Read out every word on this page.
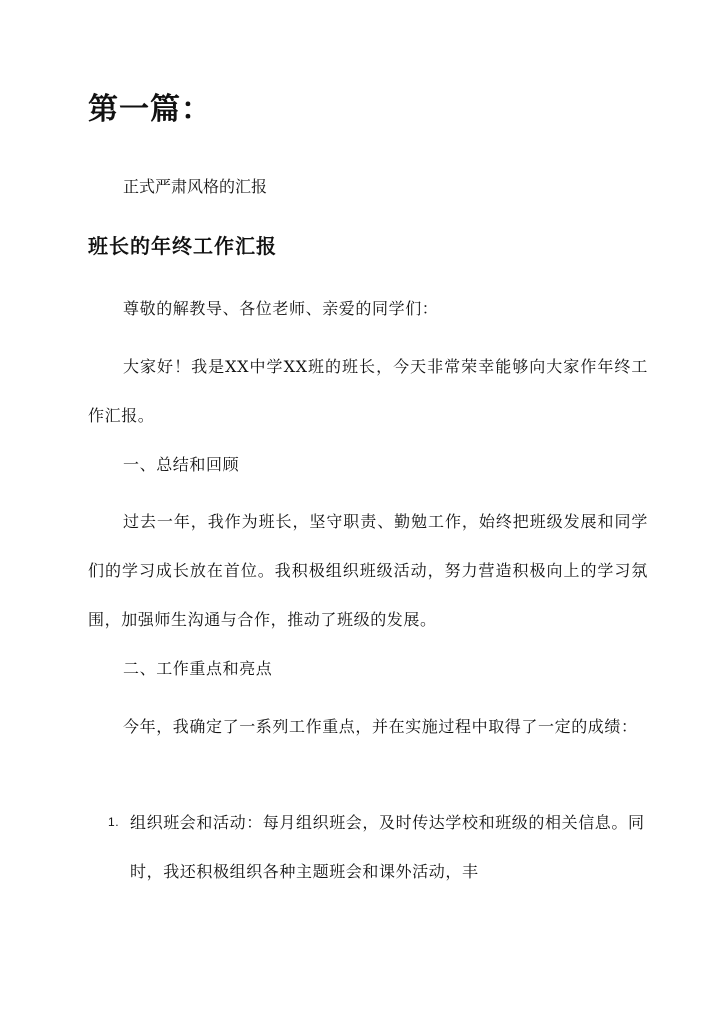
第一篇：

正式严肃风格的汇报

班长的年终工作汇报

尊敬的解教导、各位老师、亲爱的同学们：

大家好！我是XX中学XX班的班长，今天非常荣幸能够向大家作年终工作汇报。

一、总结和回顾

过去一年，我作为班长，坚守职责、勤勉工作，始终把班级发展和同学们的学习成长放在首位。我积极组织班级活动，努力营造积极向上的学习氛围，加强师生沟通与合作，推动了班级的发展。

二、工作重点和亮点

今年，我确定了一系列工作重点，并在实施过程中取得了一定的成绩：

1. 组织班会和活动：每月组织班会，及时传达学校和班级的相关信息。同时，我还积极组织各种主题班会和课外活动，丰
